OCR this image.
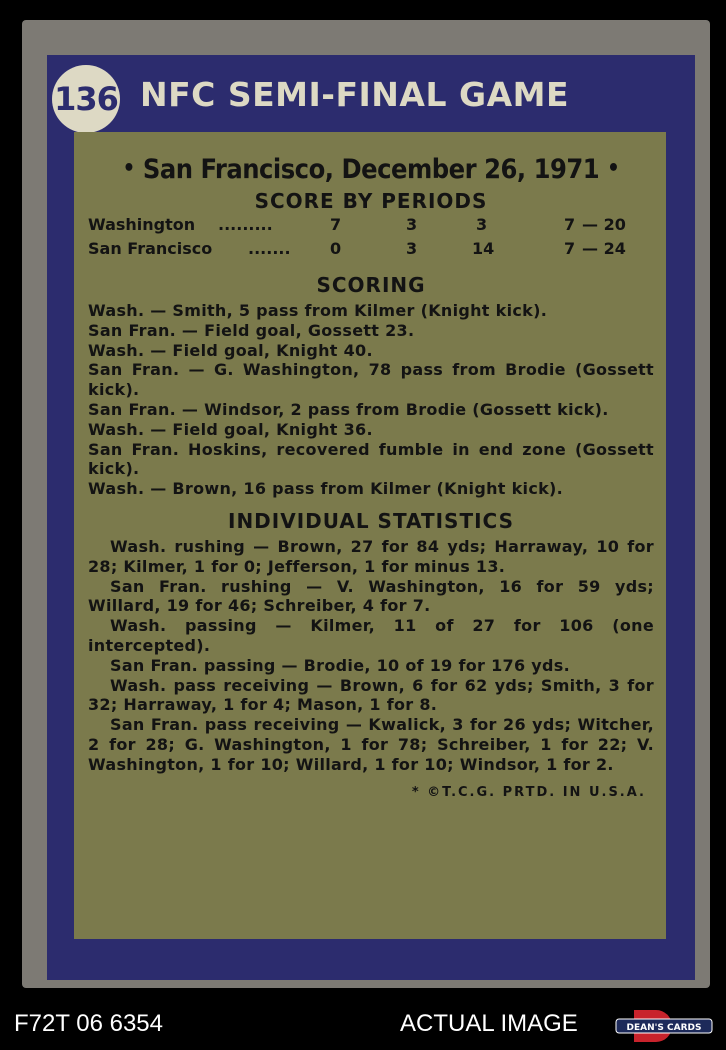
136 NFC SEMI-FINAL GAME
• San Francisco, December 26, 1971 •
SCORE BY PERIODS
Washington .........	7	3	3	7 — 20
San Francisco ....... 0	3	14	7 — 24
SCORING

Wash. — Smith, 5 pass from Kilmer (Knight kick).

San Fran. — Field goal, Gossett 23.

Wash. — Field goal, Knight 40.

San Fran. — G. Washington, 78 pass from Brodie (Gossett kick).

San Fran. — Windsor, 2 pass from Brodie (Gossett kick).

Wash. — Field goal, Knight 36.

San Fran. Hoskins, recovered fumble in end zone (Gossett kick).

Wash. — Brown, 16 pass from Kilmer (Knight kick).

INDIVIDUAL STATISTICS

Wash. rushing — Brown, 27 for 84 yds; Harraway, 10 for 28; Kilmer, 1 for 0; Jefferson, 1 for minus 13.

San Fran. rushing — V. Washington, 16 for 59 yds; Willard, 19 for 46; Schreiber, 4 for 7.

Wash. passing — Kilmer, 11 of 27 for 106 (one intercepted).

San Fran. passing — Brodie, 10 of 19 for 176 yds.

Wash. pass receiving — Brown, 6 for 62 yds; Smith, 3 for 32; Harraway, 1 for 4; Mason, 1 for 8.

San Fran. pass receiving — Kwalick, 3 for 26 yds; Witcher, 2 for 28; G. Washington, 1 for 78; Schreiber, 1 for 22; V. Washington, 1 for 10; Willard, 1 for 10; Windsor, 1 for 2.

* ©T.C.G. PRTD. IN U.S.A.
F72T 06 6354	ACTUAL IMAGE	DEAN'S CARDS
